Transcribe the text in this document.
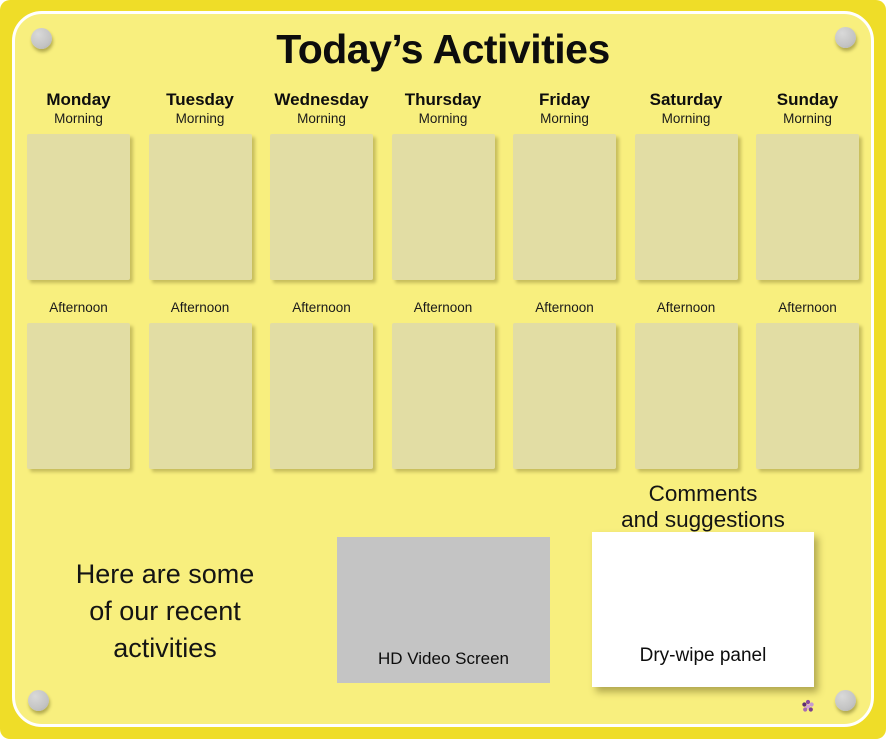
Today’s Activities
Monday
Morning
Afternoon
Tuesday
Morning
Afternoon
Wednesday
Morning
Afternoon
Thursday
Morning
Afternoon
Friday
Morning
Afternoon
Saturday
Morning
Afternoon
Sunday
Morning
Afternoon
Here are some
of our recent
activities	HD Video Screen
Comments
and suggestions
Dry-wipe panel
